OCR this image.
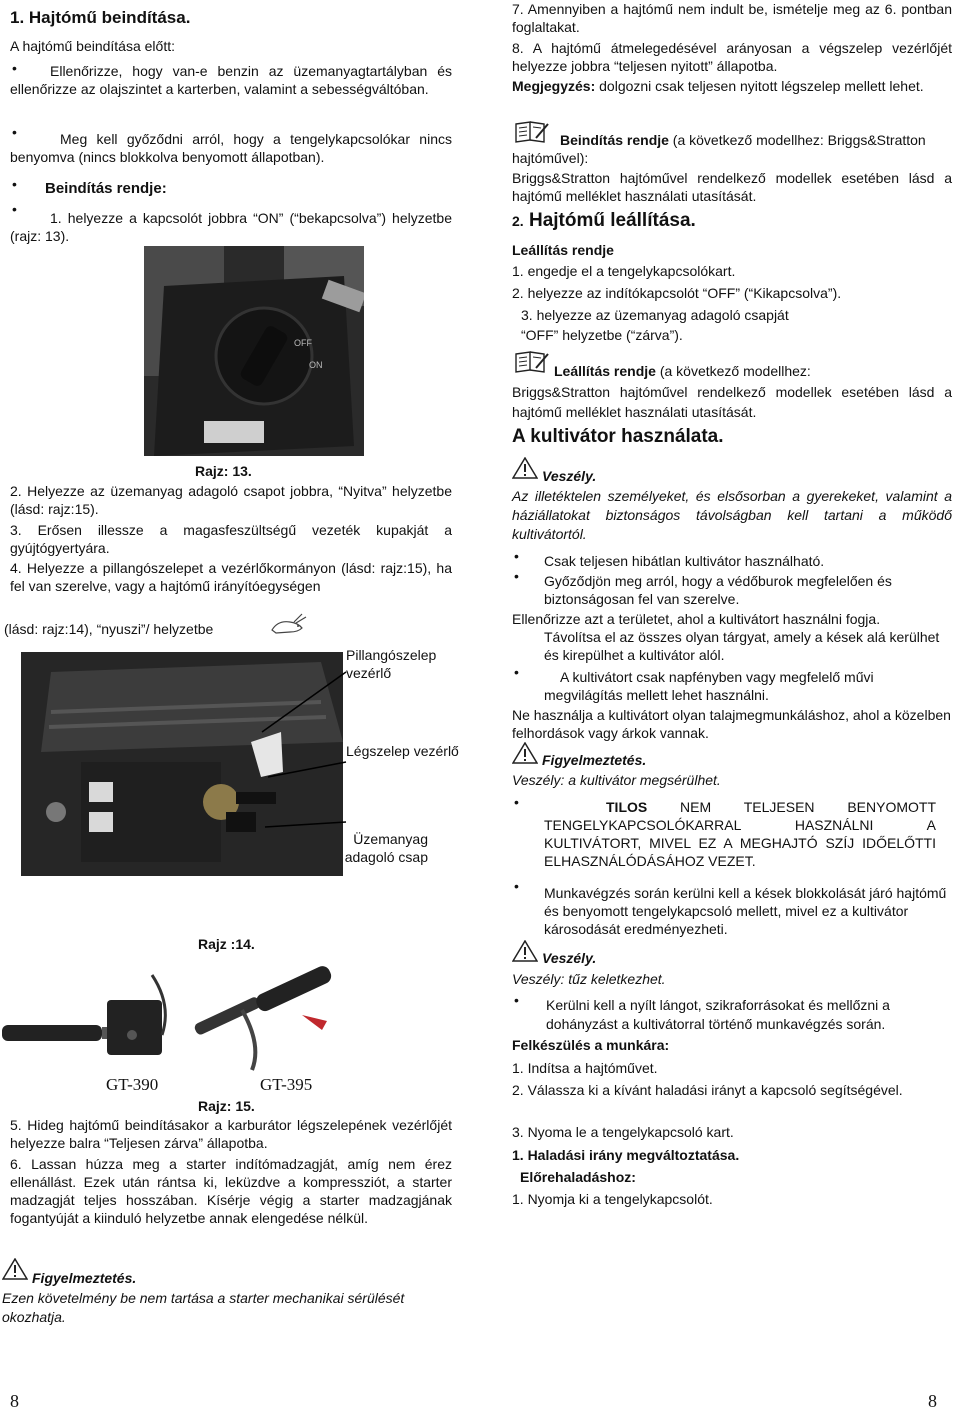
1. Hajtómű beindítása.

A hajtómű beindítása előtt:

•	Ellenőrizze, hogy van-e benzin az üzemanyagtartályban és ellenőrizze az olajszintet a karterben, valamint a sebességváltóban.

•	Meg kell győződni arról, hogy a tengelykapcsolókar nincs benyomva (nincs blokkolva benyomott állapotban).

• Beindítás rendje:

•

1. helyezze a kapcsolót jobbra “ON” (“bekapcsolva”) helyzetbe (rajz: 13).

OFF
ON

Rajz: 13.

2. Helyezze az üzemanyag adagoló csapot jobbra, “Nyitva” helyzetbe (lásd: rajz:15).

3. Erősen illessze a magasfeszültségű vezeték kupakját a gyújtógyertyára.

4. Helyezze a pillangószelepet a vezérlőkormányon (lásd: rajz:15), ha fel van szerelve, vagy a hajtómű irányítóegységen

(lásd: rajz:14), “nyuszi”/ helyzetbe

Pillangószelep vezérlő

Légszelep vezérlő

Üzemanyag adagoló csap

Rajz :14.

GT-390	GT-395

Rajz: 15.

5. Hideg hajtómű beindításakor a karburátor légszelepének vezérlőjét helyezze balra “Teljesen zárva” állapotba.

6. Lassan húzza meg a starter indítómadzagját, amíg nem érez ellenállást. Ezek után rántsa ki, leküzdve a kompressziót, a starter madzagját teljes hosszában. Kísérje végig a starter madzagjának fogantyúját a kiinduló helyzetbe annak elengedése nélkül.

Figyelmeztetés.

Ezen követelmény be nem tartása a starter mechanikai sérülését okozhatja.

8

7. Amennyiben a hajtómű nem indult be, ismételje meg az 6. pontban foglaltakat.

8. A hajtómű átmelegedésével arányosan a végszelep vezérlőjét helyezze jobbra “teljesen nyitott” állapotba.

Megjegyzés: dolgozni csak teljesen nyitott légszelep mellett lehet.

Beindítás rendje (a következő modellhez: Briggs&Stratton hajtóművel):

Briggs&Stratton hajtóművel rendelkező modellek esetében lásd a hajtómű melléklet használati utasítását.

2. Hajtómű leállítása.

Leállítás rendje

1. engedje el a tengelykapcsolókart.

2. helyezze az indítókapcsolót “OFF” (“Kikapcsolva”).

3. helyezze az üzemanyag adagoló csapját

“OFF” helyzetbe (“zárva”).

Leállítás rendje (a következő modellhez:

Briggs&Stratton hajtóművel rendelkező modellek esetében lásd a hajtómű melléklet használati utasítását.

A kultivátor használata.

Veszély.

Az illetéktelen személyeket, és elsősorban a gyerekeket, valamint a háziállatokat biztonságos távolságban kell tartani a működő kultivátortól.

• Csak teljesen hibátlan kultivátor használható.

• Győződjön meg arról, hogy a védőburok megfelelően és biztonságosan fel van szerelve.

Ellenőrizze azt a területet, ahol a kultivátort használni fogja.

Távolítsa el az összes olyan tárgyat, amely a kések alá kerülhet és kirepülhet a kultivátor alól.

•	A kultivátort csak napfényben vagy megfelelő művi megvilágítás mellett lehet használni.

Ne használja a kultivátort olyan talajmegmunkáláshoz, ahol a közelben felhordások vagy árkok vannak.

Figyelmeztetés.

Veszély: a kultivátor megsérülhet.

•	TILOS NEM TELJESEN BENYOMOTT TENGELYKAPCSOLÓKARRAL HASZNÁLNI A KULTIVÁTORT, MIVEL EZ A MEGHAJTÓ SZÍJ IDŐELŐTTI ELHASZNÁLÓDÁSÁHOZ VEZET.

• Munkavégzés során kerülni kell a kések blokkolását járó hajtómű és benyomott tengelykapcsoló mellett, mivel ez a kultivátor károsodását eredményezheti.

Veszély.

Veszély: tűz keletkezhet.

• Kerülni kell a nyílt lángot, szikraforrásokat és mellőzni a dohányzást a kultivátorral történő munkavégzés során.

Felkészülés a munkára:

1. Indítsa a hajtóművet.

2. Válassza ki a kívánt haladási irányt a kapcsoló segítségével.

3. Nyoma le a tengelykapcsoló kart.

1. Haladási irány megváltoztatása.

Előrehaladáshoz:

1. Nyomja ki a tengelykapcsolót.

8
